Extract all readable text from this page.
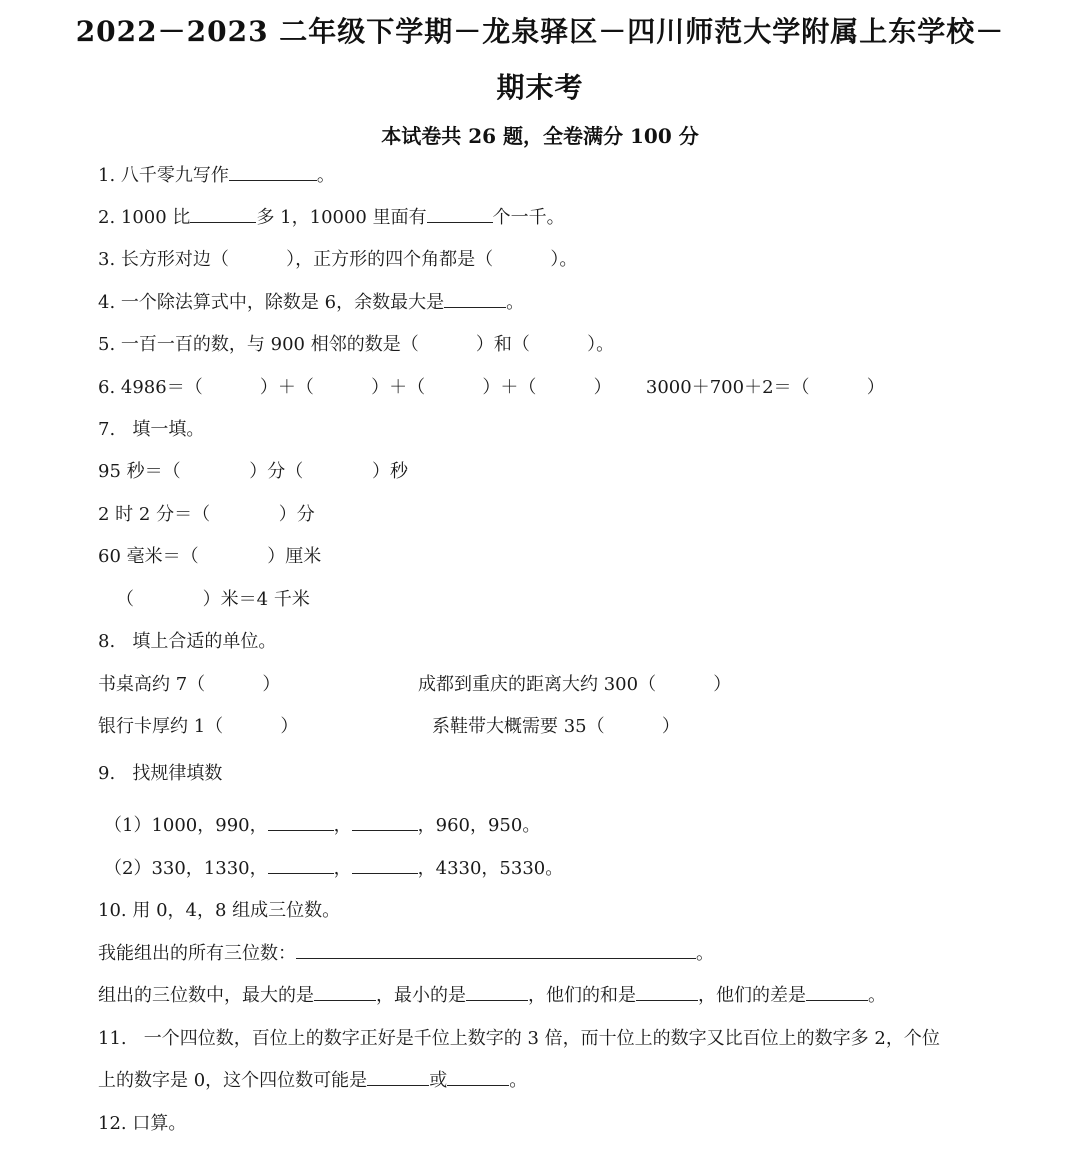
2022－2023 二年级下学期－龙泉驿区－四川师范大学附属上东学校－
期末考
本试卷共 26 题，全卷满分 100 分
1. 八千零九写作	。
2. 1000 比	多 1，10000 里面有	个一千。
3. 长方形对边（          ），正方形的四个角都是（          ）。
4. 一个除法算式中，除数是 6，余数最大是	。
5. 一百一百的数，与 900 相邻的数是（          ）和（          ）。
6. 4986＝（          ）＋（          ）＋（          ）＋（          ）      3000＋700＋2＝（          ）
7.   填一填。
95 秒＝（            ）分（            ）秒
2 时 2 分＝（            ）分
60 毫米＝（            ）厘米
（            ）米＝4 千米
8.   填上合适的单位。
书桌高约 7（          ）	成都到重庆的距离大约 300（          ）
银行卡厚约 1（          ）	系鞋带大概需要 35（          ）
9.   找规律填数
（1）1000，990，	，	，960，950。
（2）330，1330，	，	，4330，5330。
10. 用 0，4，8 组成三位数。
我能组出的所有三位数：	。
组出的三位数中，最大的是	，最小的是	，他们的和是	，他们的差是	。
11.   一个四位数，百位上的数字正好是千位上数字的 3 倍，而十位上的数字又比百位上的数字多 2，个位
上的数字是 0，这个四位数可能是	或	。
12. 口算。
